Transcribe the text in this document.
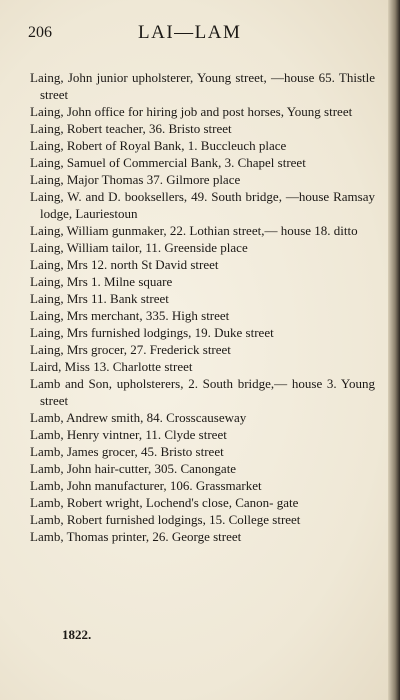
206	LAI—LAM
Laing, John junior upholsterer, Young street, —house 65. Thistle street
Laing, John office for hiring job and post horses, Young street
Laing, Robert teacher, 36. Bristo street
Laing, Robert of Royal Bank, 1. Buccleuch place
Laing, Samuel of Commercial Bank, 3. Chapel street
Laing, Major Thomas 37. Gilmore place
Laing, W. and D. booksellers, 49. South bridge, —house Ramsay lodge, Lauriestoun
Laing, William gunmaker, 22. Lothian street,— house 18. ditto
Laing, William tailor, 11. Greenside place
Laing, Mrs 12. north St David street
Laing, Mrs 1. Milne square
Laing, Mrs 11. Bank street
Laing, Mrs merchant, 335. High street
Laing, Mrs furnished lodgings, 19. Duke street
Laing, Mrs grocer, 27. Frederick street
Laird, Miss 13. Charlotte street
Lamb and Son, upholsterers, 2. South bridge,— house 3. Young street
Lamb, Andrew smith, 84. Crosscauseway
Lamb, Henry vintner, 11. Clyde street
Lamb, James grocer, 45. Bristo street
Lamb, John hair-cutter, 305. Canongate
Lamb, John manufacturer, 106. Grassmarket
Lamb, Robert wright, Lochend's close, Canon- gate
Lamb, Robert furnished lodgings, 15. College street
Lamb, Thomas printer, 26. George street
1822.
